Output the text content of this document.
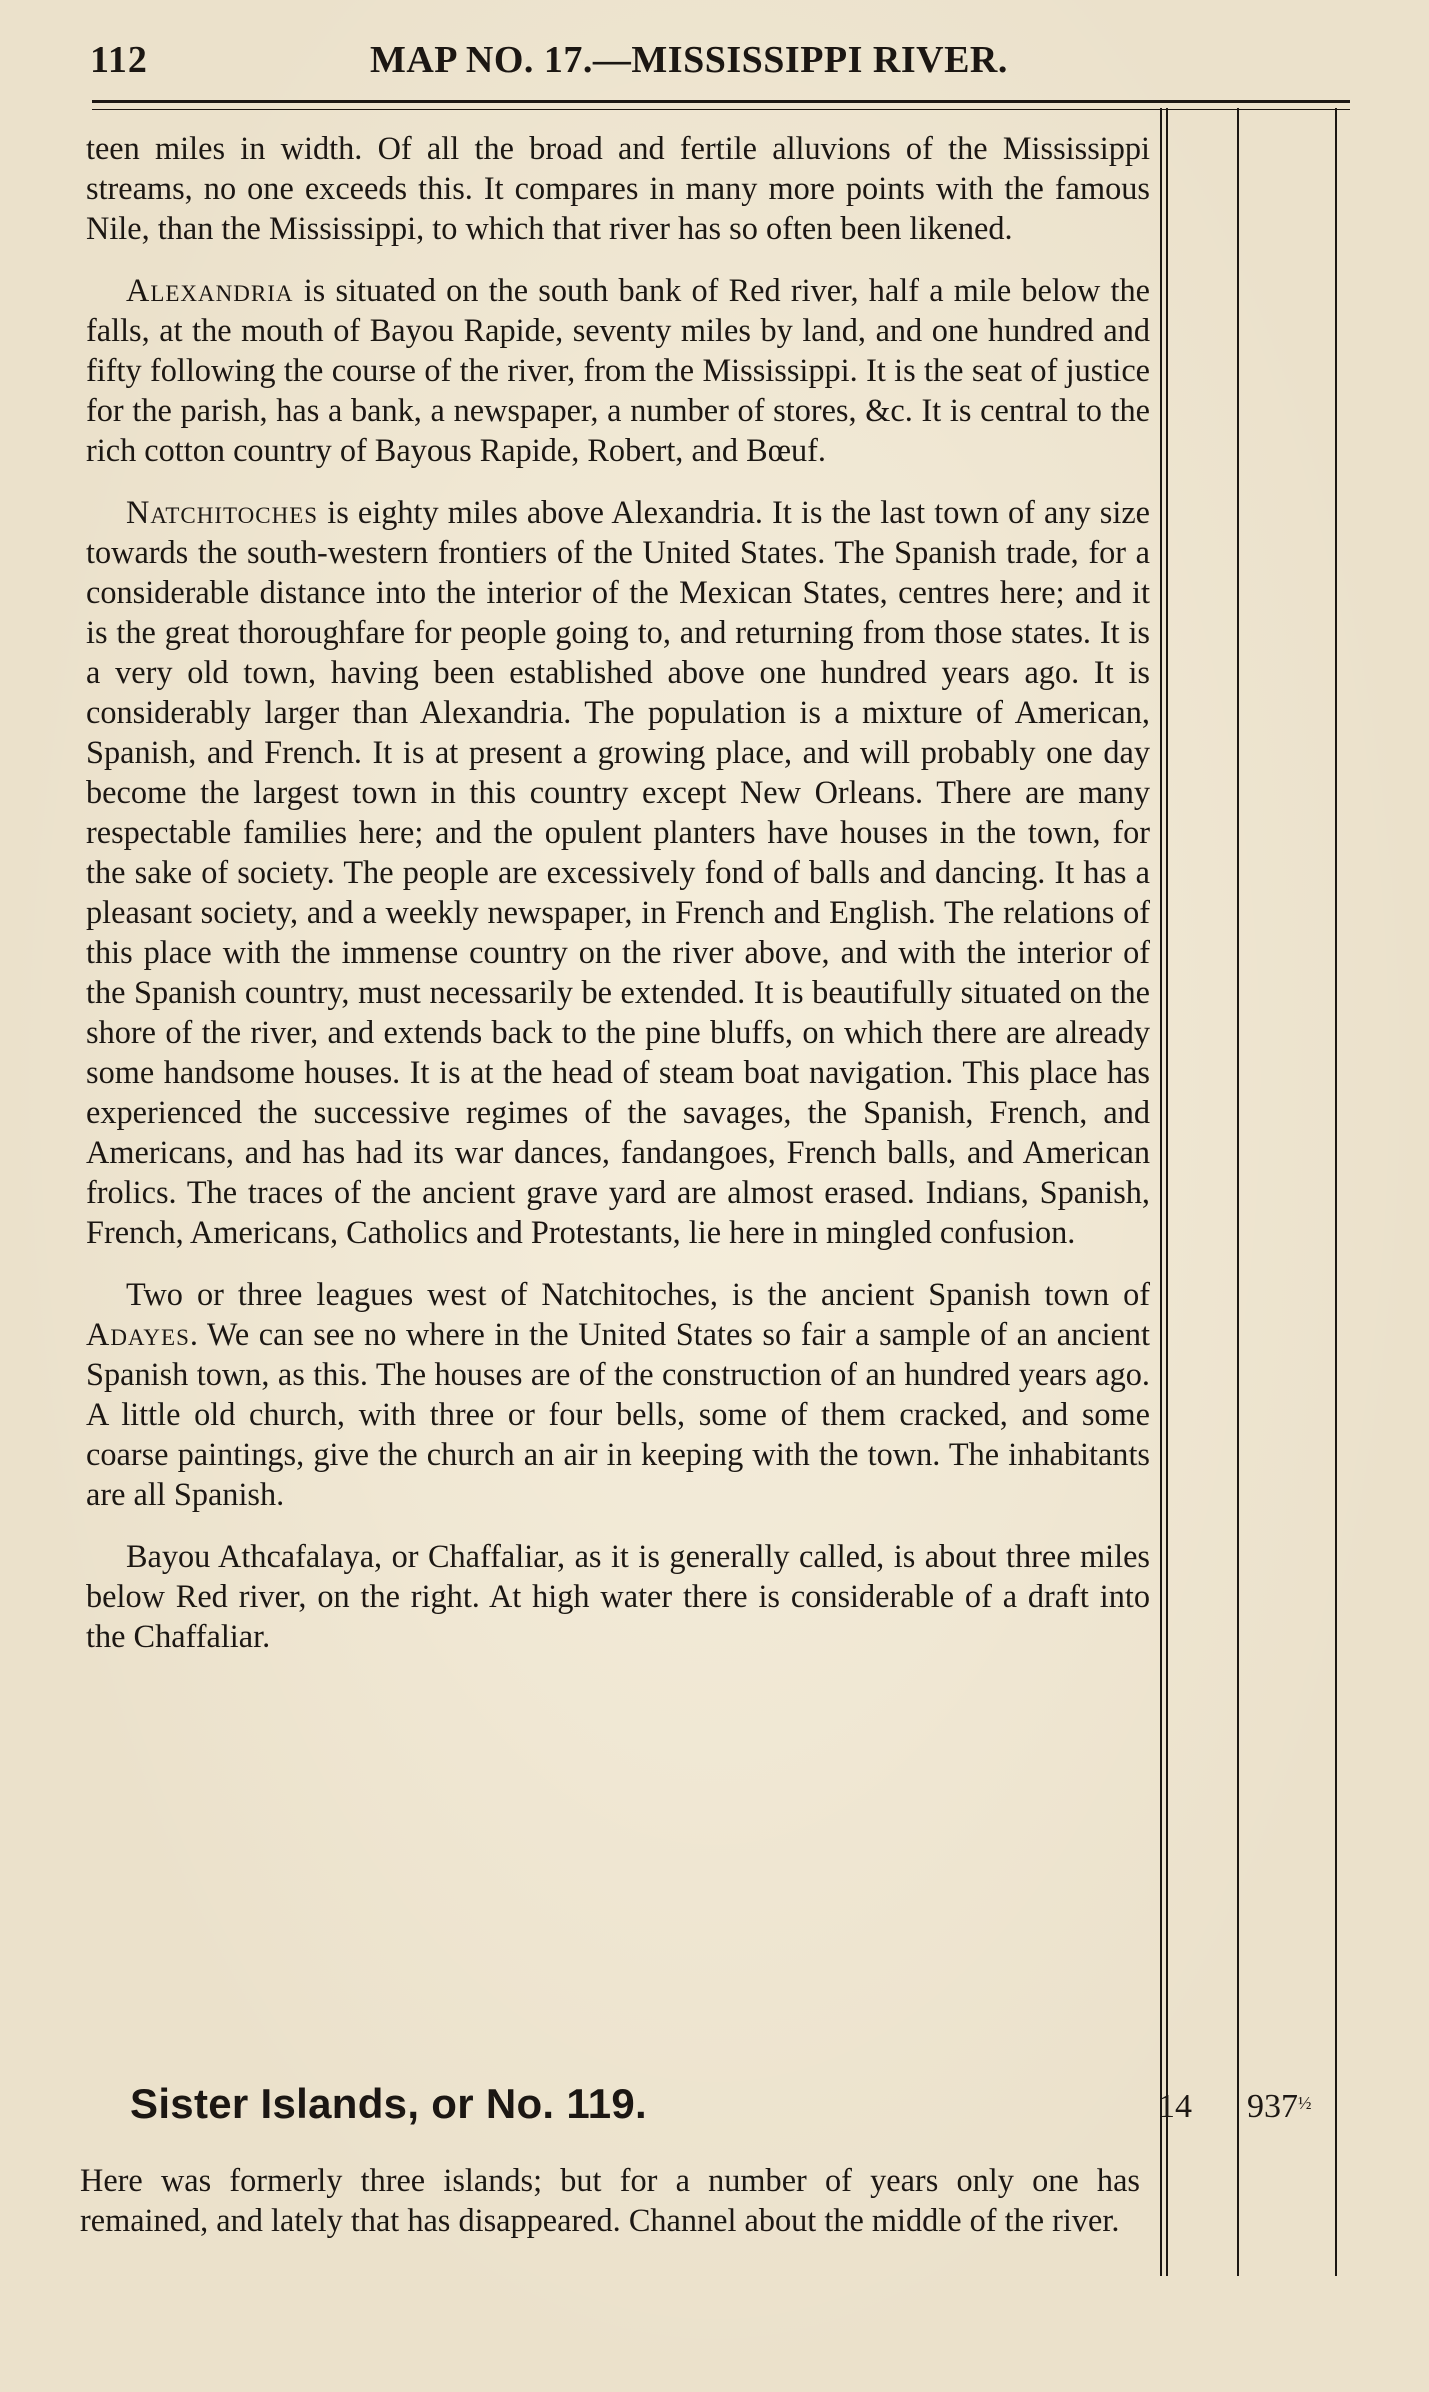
112	MAP NO. 17.—MISSISSIPPI RIVER.

teen miles in width. Of all the broad and fertile alluvions of the Mississippi streams, no one exceeds this. It compares in many more points with the famous Nile, than the Mississippi, to which that river has so often been likened.

Alexandria is situated on the south bank of Red river, half a mile below the falls, at the mouth of Bayou Rapide, seventy miles by land, and one hundred and fifty following the course of the river, from the Mississippi. It is the seat of justice for the parish, has a bank, a newspaper, a number of stores, &c. It is central to the rich cotton country of Bayous Rapide, Robert, and Bœuf.

Natchitoches is eighty miles above Alexandria. It is the last town of any size towards the south-western frontiers of the United States. The Spanish trade, for a considerable distance into the interior of the Mexican States, centres here; and it is the great thoroughfare for people going to, and returning from those states. It is a very old town, having been established above one hundred years ago. It is considerably larger than Alexandria. The population is a mixture of American, Spanish, and French. It is at present a growing place, and will probably one day become the largest town in this country except New Orleans. There are many respectable families here; and the opulent planters have houses in the town, for the sake of society. The people are excessively fond of balls and dancing. It has a pleasant society, and a weekly newspaper, in French and English. The relations of this place with the immense country on the river above, and with the interior of the Spanish country, must necessarily be extended. It is beautifully situated on the shore of the river, and extends back to the pine bluffs, on which there are already some handsome houses. It is at the head of steam boat navigation. This place has experienced the successive regimes of the savages, the Spanish, French, and Americans, and has had its war dances, fandangoes, French balls, and American frolics. The traces of the ancient grave yard are almost erased. Indians, Spanish, French, Americans, Catholics and Protestants, lie here in mingled confusion.

Two or three leagues west of Natchitoches, is the ancient Spanish town of Adayes. We can see no where in the United States so fair a sample of an ancient Spanish town, as this. The houses are of the construction of an hundred years ago. A little old church, with three or four bells, some of them cracked, and some coarse paintings, give the church an air in keeping with the town. The inhabitants are all Spanish.

Bayou Athcafalaya, or Chaffaliar, as it is generally called, is about three miles below Red river, on the right. At high water there is considerable of a draft into the Chaffaliar.

Sister Islands, or No. 119.	14 $937^{\frac{1}{2}}$
Here was formerly three islands; but for a number of years only one has remained, and lately that has disappeared. Channel about the middle of the river.
